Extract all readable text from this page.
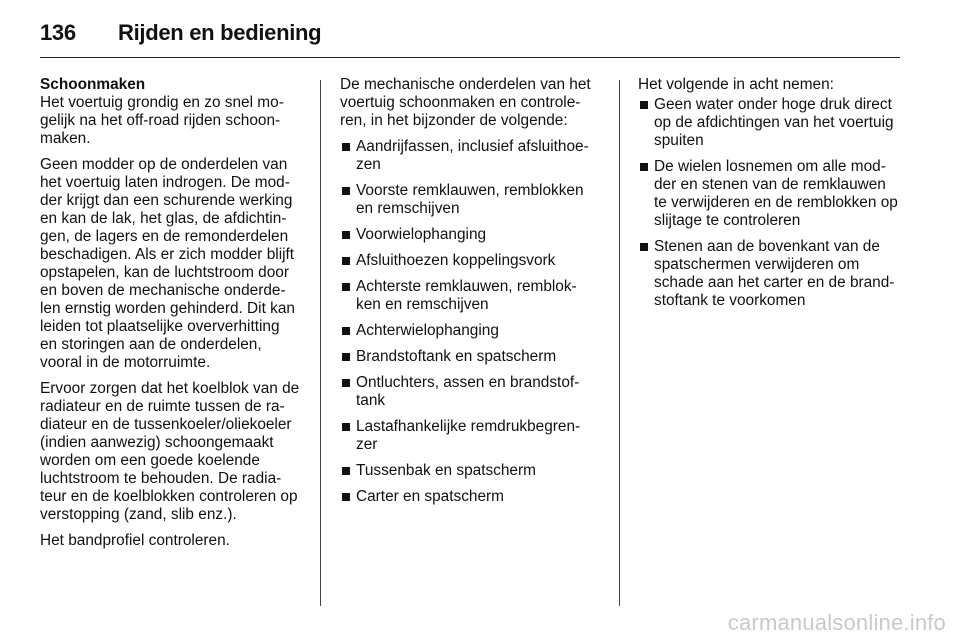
136 Rijden en bediening
Schoonmaken

Het voertuig grondig en zo snel mo-
gelijk na het off-road rijden schoon-
maken.

Geen modder op de onderdelen van
het voertuig laten indrogen. De mod-
der krijgt dan een schurende werking
en kan de lak, het glas, de afdichtin-
gen, de lagers en de remonderdelen
beschadigen. Als er zich modder blijft
opstapelen, kan de luchtstroom door
en boven de mechanische onderde-
len ernstig worden gehinderd. Dit kan
leiden tot plaatselijke oververhitting
en storingen aan de onderdelen,
vooral in de motorruimte.

Ervoor zorgen dat het koelblok van de
radiateur en de ruimte tussen de ra-
diateur en de tussenkoeler/oliekoeler
(indien aanwezig) schoongemaakt
worden om een goede koelende
luchtstroom te behouden. De radia-
teur en de koelblokken controleren op
verstopping (zand, slib enz.).

Het bandprofiel controleren.

De mechanische onderdelen van het
voertuig schoonmaken en controle-
ren, in het bijzonder de volgende:

Aandrijfassen, inclusief afsluithoe-
zen
Voorste remklauwen, remblokken
en remschijven
Voorwielophanging
Afsluithoezen koppelingsvork
Achterste remklauwen, remblok-
ken en remschijven
Achterwielophanging
Brandstoftank en spatscherm
Ontluchters, assen en brandstof-
tank
Lastafhankelijke remdrukbegren-
zer
Tussenbak en spatscherm
Carter en spatscherm

Het volgende in acht nemen:

Geen water onder hoge druk direct
op de afdichtingen van het voertuig
spuiten
De wielen losnemen om alle mod-
der en stenen van de remklauwen
te verwijderen en de remblokken op
slijtage te controleren
Stenen aan de bovenkant van de
spatschermen verwijderen om
schade aan het carter en de brand-
stoftank te voorkomen
carmanualsonline.info
